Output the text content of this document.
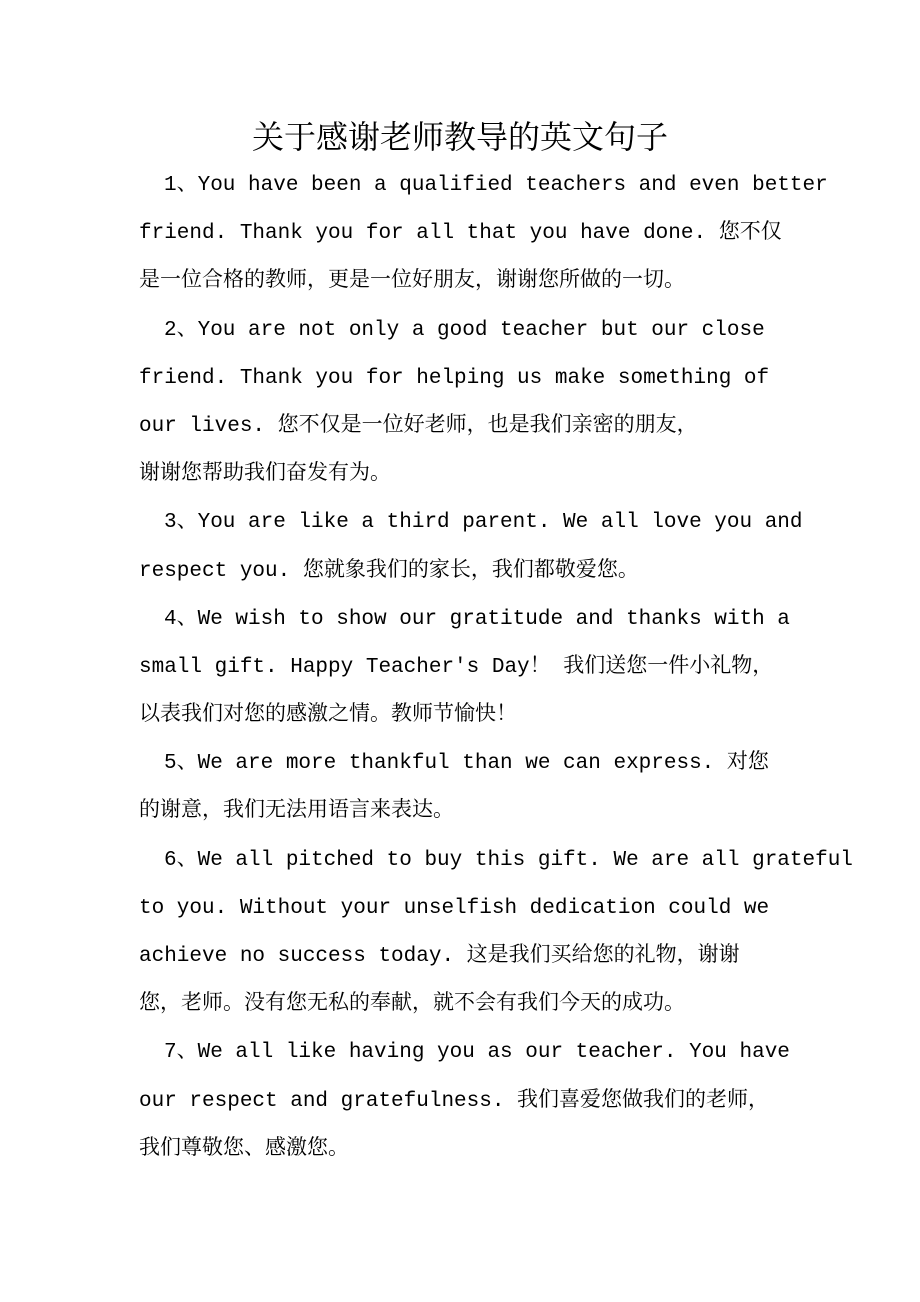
关于感谢老师教导的英文句子
1、You have been a qualified teachers and even better
friend. Thank you for all that you have done. 您不仅
是一位合格的教师，更是一位好朋友，谢谢您所做的一切。
2、You are not only a good teacher but our close
friend. Thank you for helping us make something of
our lives. 您不仅是一位好老师，也是我们亲密的朋友，
谢谢您帮助我们奋发有为。
3、You are like a third parent. We all love you and
respect you. 您就象我们的家长，我们都敬爱您。
4、We wish to show our gratitude and thanks with a
small gift. Happy Teacher's Day！ 我们送您一件小礼物，
以表我们对您的感激之情。教师节愉快！
5、We are more thankful than we can express. 对您
的谢意，我们无法用语言来表达。
6、We all pitched to buy this gift. We are all grateful
to you. Without your unselfish dedication could we
achieve no success today. 这是我们买给您的礼物，谢谢
您，老师。没有您无私的奉献，就不会有我们今天的成功。
7、We all like having you as our teacher. You have
our respect and gratefulness. 我们喜爱您做我们的老师，
我们尊敬您、感激您。
